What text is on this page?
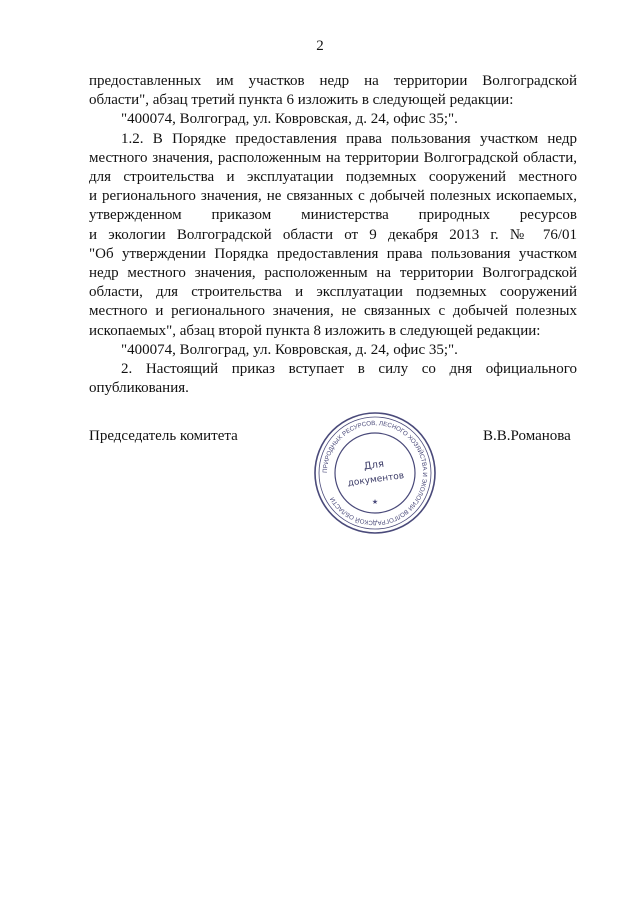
2

предоставленных им участков недр на территории Волгоградской
области", абзац третий пункта 6 изложить в следующей редакции:

"400074, Волгоград, ул. Ковровская, д. 24, офис 35;".

1.2. В Порядке предоставления права пользования участком недр
местного значения, расположенным на территории Волгоградской области,
для строительства и эксплуатации подземных сооружений местного
и регионального значения, не связанных с добычей полезных ископаемых,
утвержденном приказом министерства природных ресурсов
и экологии Волгоградской области от 9 декабря 2013 г. № 76/01
"Об утверждении Порядка предоставления права пользования участком
недр местного значения, расположенным на территории Волгоградской
области, для строительства и эксплуатации подземных сооружений
местного и регионального значения, не связанных с добычей полезных
ископаемых", абзац второй пункта 8 изложить в следующей редакции:

"400074, Волгоград, ул. Ковровская, д. 24, офис 35;".

2. Настоящий приказ вступает в силу со дня официального
опубликования.

Председатель комитета	В.В.Романова
ПРИРОДНЫХ РЕСУРСОВ, ЛЕСНОГО ХОЗЯЙСТВА И ЭКОЛОГИИ ВОЛГОГРАДСКОЙ ОБЛАСТИ
Для
документов
★
